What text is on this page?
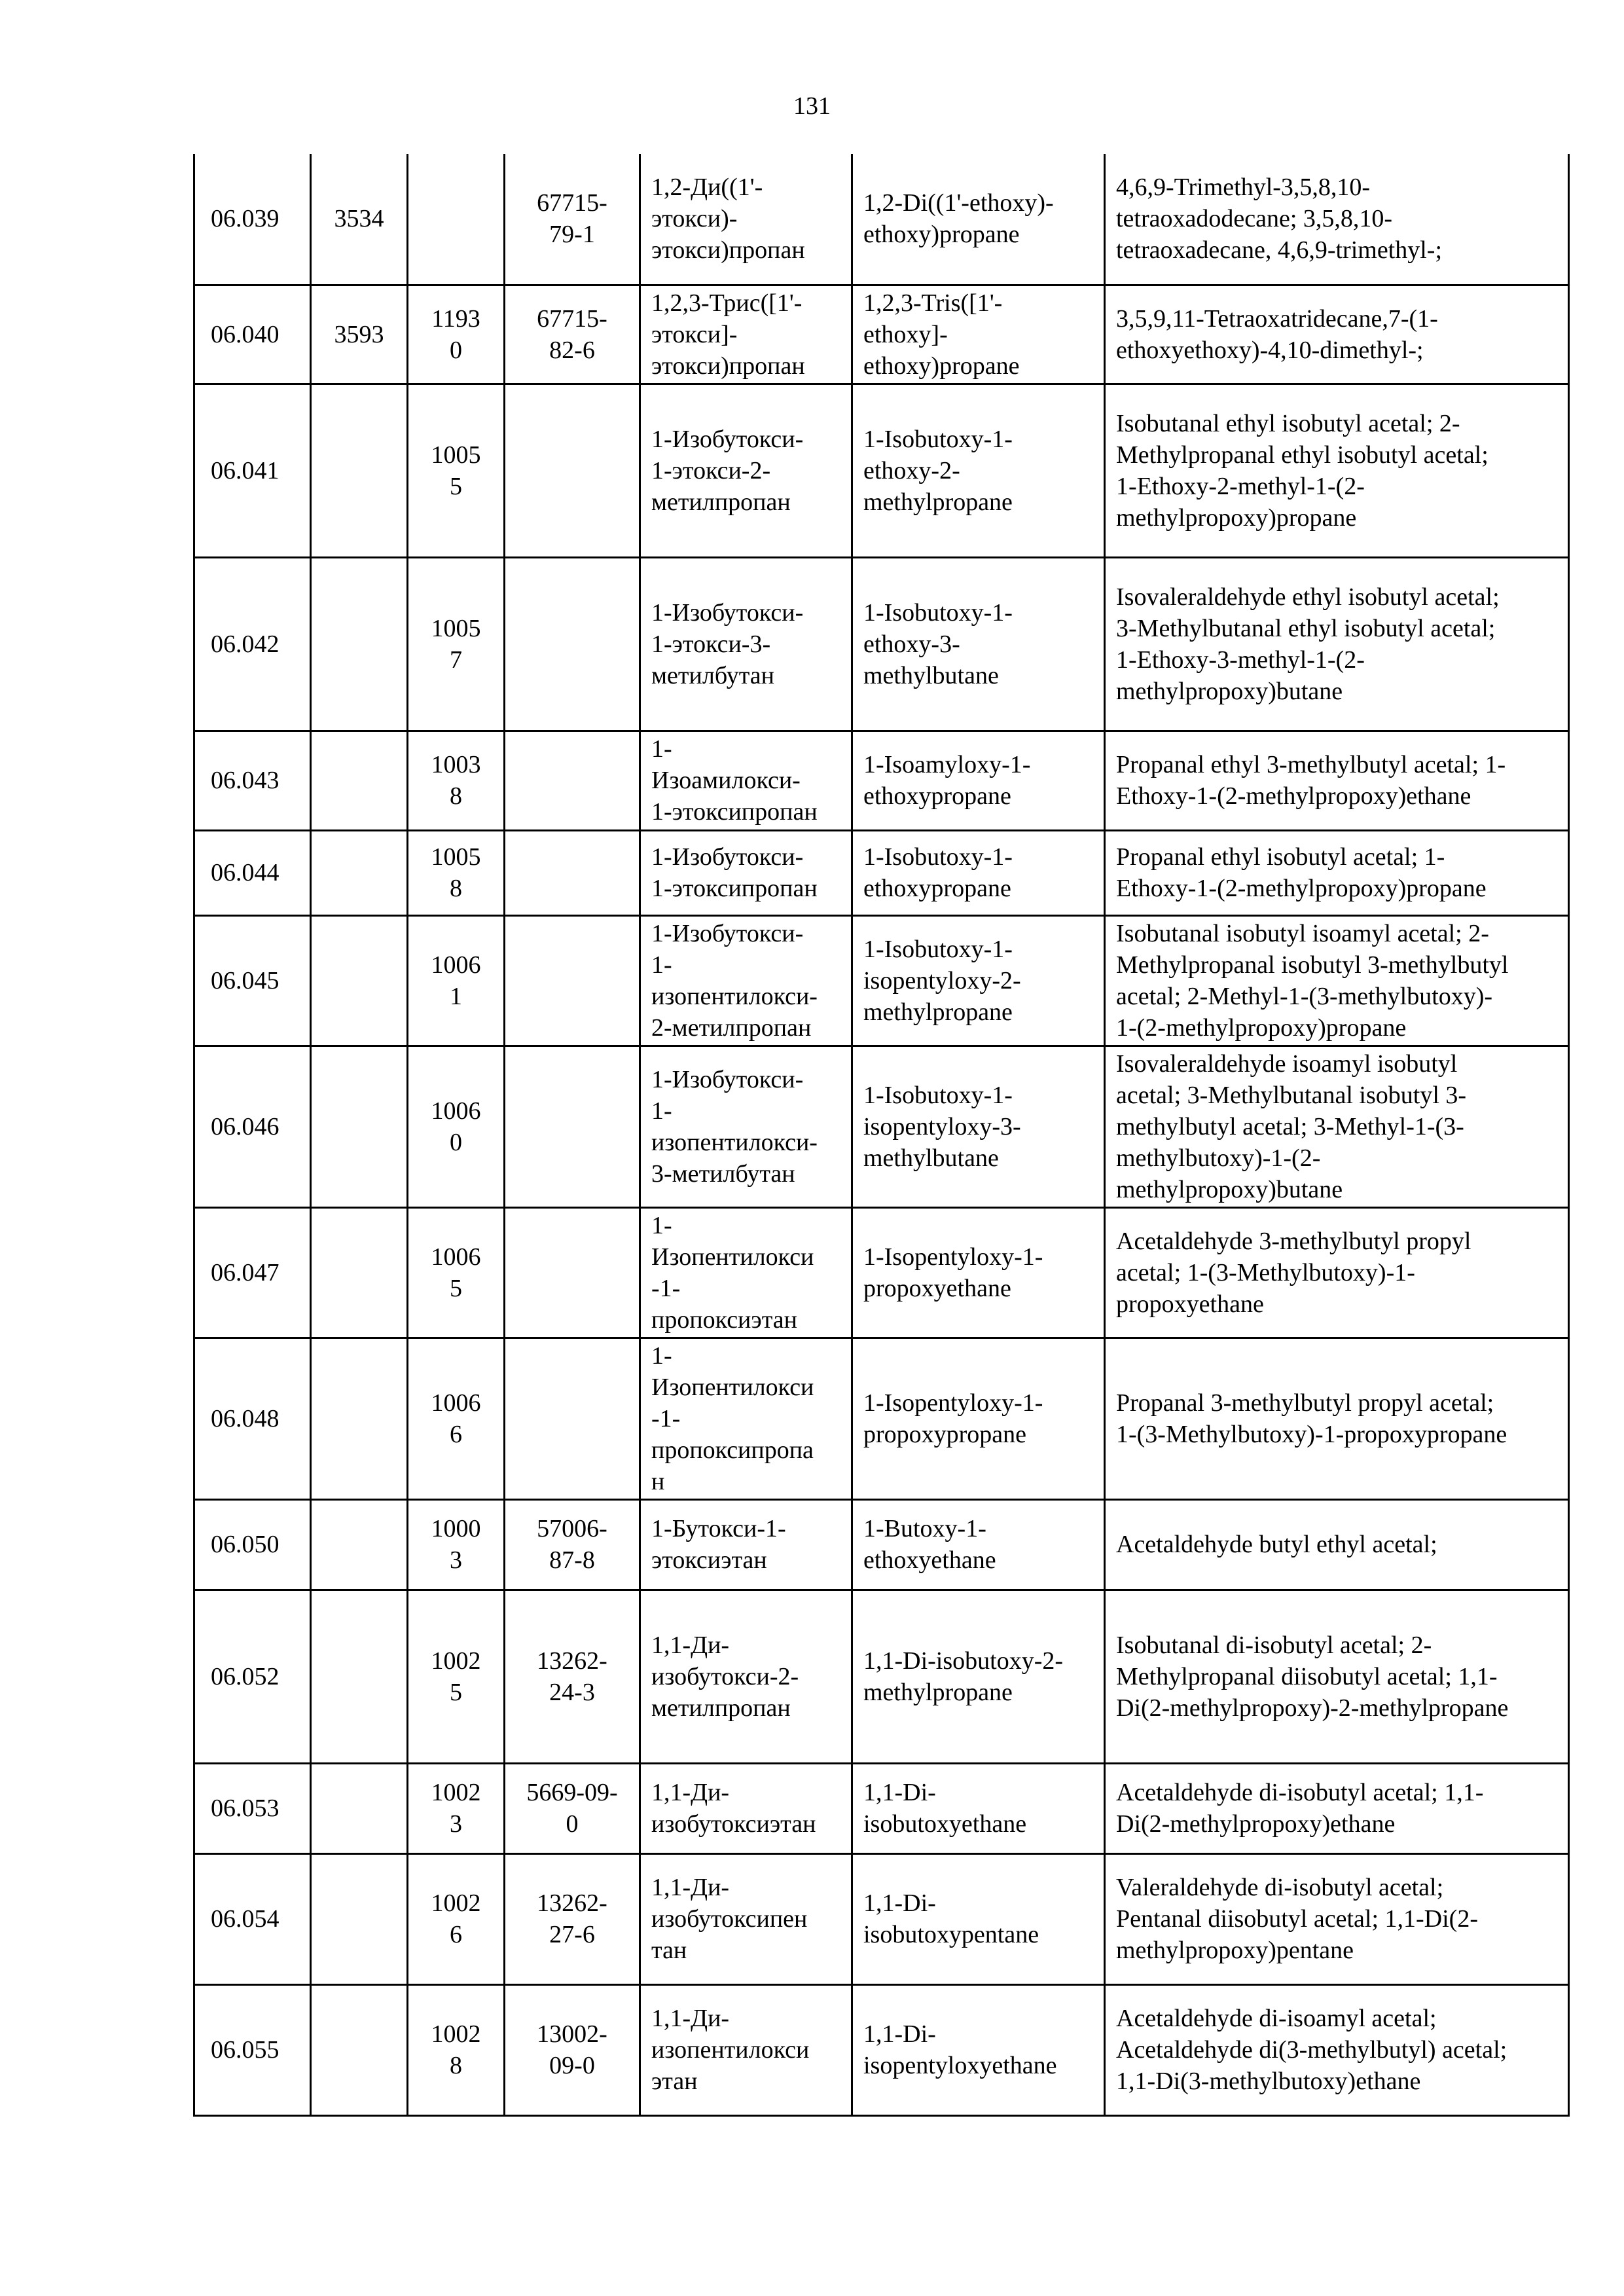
131
06.039	3534		67715-
79-1	1,2-Ди((1'-
этокси)-
этокси)пропан	1,2-Di((1'-ethoxy)-
ethoxy)propane	4,6,9-Trimethyl-3,5,8,10-
tetraoxadodecane; 3,5,8,10-
tetraoxadecane, 4,6,9-trimethyl-;
06.040	3593	1193
0	67715-
82-6	1,2,3-Трис([1'-
этокси]-
этокси)пропан	1,2,3-Tris([1'-
ethoxy]-
ethoxy)propane	3,5,9,11-Tetraoxatridecane,7-(1-
ethoxyethoxy)-4,10-dimethyl-;
06.041		1005
5		1-Изобутокси-
1-этокси-2-
метилпропан	1-Isobutoxy-1-
ethoxy-2-
methylpropane	Isobutanal ethyl isobutyl acetal; 2-
Methylpropanal ethyl isobutyl acetal;
1-Ethoxy-2-methyl-1-(2-
methylpropoxy)propane
06.042		1005
7		1-Изобутокси-
1-этокси-3-
метилбутан	1-Isobutoxy-1-
ethoxy-3-
methylbutane	Isovaleraldehyde ethyl isobutyl acetal;
3-Methylbutanal ethyl isobutyl acetal;
1-Ethoxy-3-methyl-1-(2-
methylpropoxy)butane
06.043		1003
8		1-
Изоамилокси-
1-этоксипропан	1-Isoamyloxy-1-
ethoxypropane	Propanal ethyl 3-methylbutyl acetal; 1-
Ethoxy-1-(2-methylpropoxy)ethane
06.044		1005
8		1-Изобутокси-
1-этоксипропан	1-Isobutoxy-1-
ethoxypropane	Propanal ethyl isobutyl acetal; 1-
Ethoxy-1-(2-methylpropoxy)propane
06.045		1006
1		1-Изобутокси-
1-
изопентилокси-
2-метилпропан	1-Isobutoxy-1-
isopentyloxy-2-
methylpropane	Isobutanal isobutyl isoamyl acetal; 2-
Methylpropanal isobutyl 3-methylbutyl
acetal; 2-Methyl-1-(3-methylbutoxy)-
1-(2-methylpropoxy)propane
06.046		1006
0		1-Изобутокси-
1-
изопентилокси-
3-метилбутан	1-Isobutoxy-1-
isopentyloxy-3-
methylbutane	Isovaleraldehyde isoamyl isobutyl
acetal; 3-Methylbutanal isobutyl 3-
methylbutyl acetal; 3-Methyl-1-(3-
methylbutoxy)-1-(2-
methylpropoxy)butane
06.047		1006
5		1-
Изопентилокси
-1-
пропоксиэтан	1-Isopentyloxy-1-
propoxyethane	Acetaldehyde 3-methylbutyl propyl
acetal; 1-(3-Methylbutoxy)-1-
propoxyethane
06.048		1006
6		1-
Изопентилокси
-1-
пропоксипропа
н	1-Isopentyloxy-1-
propoxypropane	Propanal 3-methylbutyl propyl acetal;
1-(3-Methylbutoxy)-1-propoxypropane
06.050		1000
3	57006-
87-8	1-Бутокси-1-
этоксиэтан	1-Butoxy-1-
ethoxyethane	Acetaldehyde butyl ethyl acetal;
06.052		1002
5	13262-
24-3	1,1-Ди-
изобутокси-2-
метилпропан	1,1-Di-isobutoxy-2-
methylpropane	Isobutanal di-isobutyl acetal; 2-
Methylpropanal diisobutyl acetal; 1,1-
Di(2-methylpropoxy)-2-methylpropane
06.053		1002
3	5669-09-
0	1,1-Ди-
изобутоксиэтан	1,1-Di-
isobutoxyethane	Acetaldehyde di-isobutyl acetal; 1,1-
Di(2-methylpropoxy)ethane
06.054		1002
6	13262-
27-6	1,1-Ди-
изобутоксипен
тан	1,1-Di-
isobutoxypentane	Valeraldehyde di-isobutyl acetal;
Pentanal diisobutyl acetal; 1,1-Di(2-
methylpropoxy)pentane
06.055		1002
8	13002-
09-0	1,1-Ди-
изопентилокси
этан	1,1-Di-
isopentyloxyethane	Acetaldehyde di-isoamyl acetal;
Acetaldehyde di(3-methylbutyl) acetal;
1,1-Di(3-methylbutoxy)ethane
